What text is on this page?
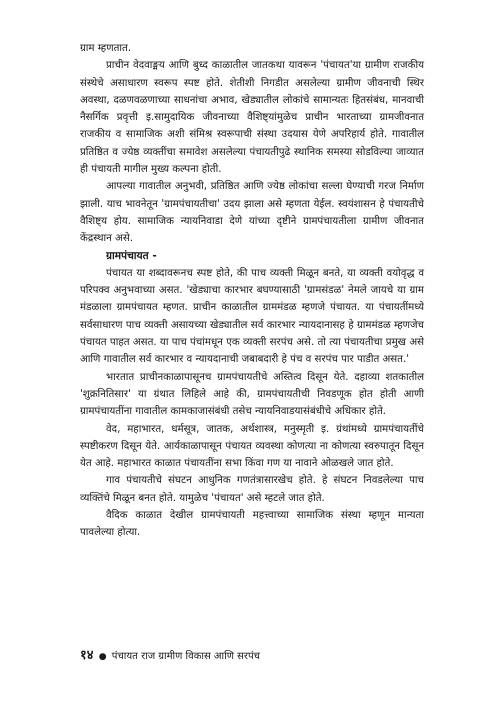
ग्राम म्हणतात.

प्राचीन वेदवाङ्मय आणि बुध्द काळातील जातकथा यावरून 'पंचायत'या ग्रामीण राजकीय संस्थेचे असाधारण स्वरूप स्पष्ट होते. शेतीशी निगडीत असलेल्या ग्रामीण जीवनाची स्थिर अवस्था, दळणवळणाच्या साधनांचा अभाव, खेड्यातील लोकांचे सामान्यतः हितसंबंध, मानवाची नैसर्गिक प्रवृत्ती इ.सामुदायिक जीवनाच्या वैशिष्ट्यांमुळेच प्राचीन भारताच्या ग्रामजीवनात राजकीय व सामाजिक अशी संमिश्र स्वरूपाची संस्था उदयास येणे अपरिहार्य होते. गावातील प्रतिष्ठित व ज्येष्ठ व्यक्तींचा समावेश असलेल्या पंचायतीपुढे स्थानिक समस्या सोडविल्या जाव्यात ही पंचायती मागील मुख्य कल्पना होती.

आपल्या गावातील अनुभवी, प्रतिष्ठित आणि ज्येष्ठ लोकांचा सल्ला घेण्याची गरज निर्माण झाली. याच भावनेतून 'ग्रामपंचायतीचा' उदय झाला असे म्हणता येईल. स्वयंशासन हे पंचायतीचे वैशिष्ट्य होय. सामाजिक न्यायनिवाडा देणे यांच्या दृष्टीने ग्रामपंचायतीला ग्रामीण जीवनात केंद्रस्थान असे.

ग्रामपंचायत -

पंचायत या शब्दावरूनच स्पष्ट होते, की पाच व्यक्ती मिळून बनते, या व्यक्ती वयोवृद्ध व परिपक्व अनुभवाच्या असत. 'खेड्याचा कारभार बघण्यासाठी 'ग्रामसंडळ' नेमले जायचे या ग्राम मंडळाला ग्रामपंचायत म्हणत. प्राचीन काळातील ग्राममंडळ म्हणजे पंचायत. या पंचायतींमध्ये सर्वसाधारण पाच व्यक्ती असायच्या खेड्यातील सर्व कारभार न्यायदानासह हे ग्राममंडळ म्हणजेच पंचायत पाहत असत. या पाच पंचांमधून एक व्यक्ती सरपंच असे. तो त्या पंचायतीचा प्रमुख असे आणि गावातील सर्व कारभार व न्यायदानाची जबाबदारी हे पंच व सरपंच पार पाडीत असत.'

भारतात प्राचीनकाळापासूनच ग्रामपंचायतीचे अस्तित्व दिसून येते. दहाव्या शतकातील 'शुक्रनितिसार' या ग्रंथात लिहिले आहे की, ग्रामपंचायतीची निवडणूक होत होती आणी ग्रामपंचायतींना गावातील कामकाजासंबंधी तसेच न्यायनिवाडयासंबंधीचे अधिकार होते.

वेद, महाभारत, धर्मसूत्र, जातक, अर्थशास्त्र, मनुस्मृती इ. ग्रंथांमध्ये ग्रामपंचायतींचे स्पष्टीकरण दिसून येते. आर्यकाळापासून पंचायत व्यवस्था कोणत्या ना कोणत्या स्वरुपातून दिसून येत आहे. महाभारत काळात पंचायतींना सभा किंवा गण या नावाने ओळखले जात होते.

गाव पंचायतीचे संघटन आधुनिक गणतंत्रासारखेच होते. हे संघटन निवडलेल्या पाच व्यक्तिंचे मिळून बनत होते. यामुळेच 'पंचायत' असे म्हटले जात होते.

वैदिक काळात देखील ग्रामपंचायती महत्त्वाच्या सामाजिक संस्था म्हणून मान्यता पावलेल्या होत्या.

१४ ● पंचायत राज ग्रामीण विकास आणि सरपंच
